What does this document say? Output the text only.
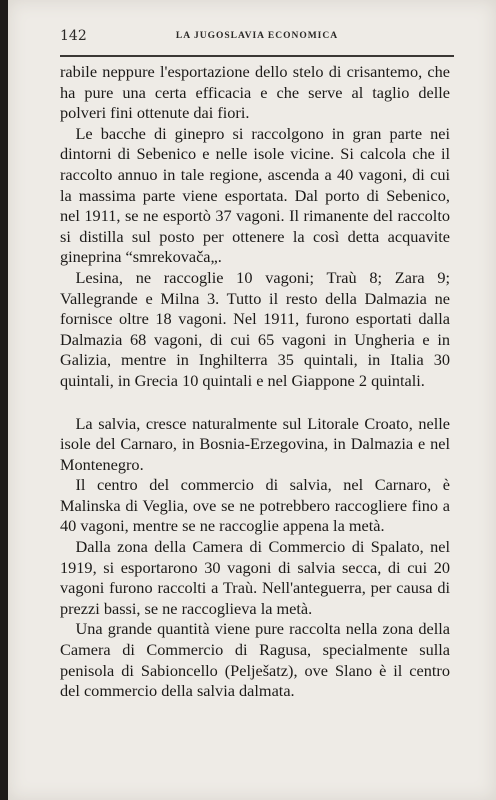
142	LA JUGOSLAVIA ECONOMICA

rabile neppure l'esportazione dello stelo di crisantemo, che ha pure una certa efficacia e che serve al taglio delle polveri fini ottenute dai fiori.

Le bacche di ginepro si raccolgono in gran parte nei dintorni di Sebenico e nelle isole vicine. Si calcola che il raccolto annuo in tale regione, ascenda a 40 vagoni, di cui la massima parte viene esportata. Dal porto di Sebenico, nel 1911, se ne esportò 37 vagoni. Il rimanente del raccolto si distilla sul posto per ottenere la così detta acquavite gineprina “smrekovača„.

Lesina, ne raccoglie 10 vagoni; Traù 8; Zara 9; Vallegrande e Milna 3. Tutto il resto della Dalmazia ne fornisce oltre 18 vagoni. Nel 1911, furono esportati dalla Dalmazia 68 vagoni, di cui 65 vagoni in Ungheria e in Galizia, mentre in Inghilterra 35 quintali, in Italia 30 quintali, in Grecia 10 quintali e nel Giappone 2 quintali.

La salvia, cresce naturalmente sul Litorale Croato, nelle isole del Carnaro, in Bosnia-Erzegovina, in Dalmazia e nel Montenegro.

Il centro del commercio di salvia, nel Carnaro, è Malinska di Veglia, ove se ne potrebbero raccogliere fino a 40 vagoni, mentre se ne raccoglie appena la metà.

Dalla zona della Camera di Commercio di Spalato, nel 1919, si esportarono 30 vagoni di salvia secca, di cui 20 vagoni furono raccolti a Traù. Nell'anteguerra, per causa di prezzi bassi, se ne raccoglieva la metà.

Una grande quantità viene pure raccolta nella zona della Camera di Commercio di Ragusa, specialmente sulla penisola di Sabioncello (Pelješatz), ove Slano è il centro del commercio della salvia dalmata.
